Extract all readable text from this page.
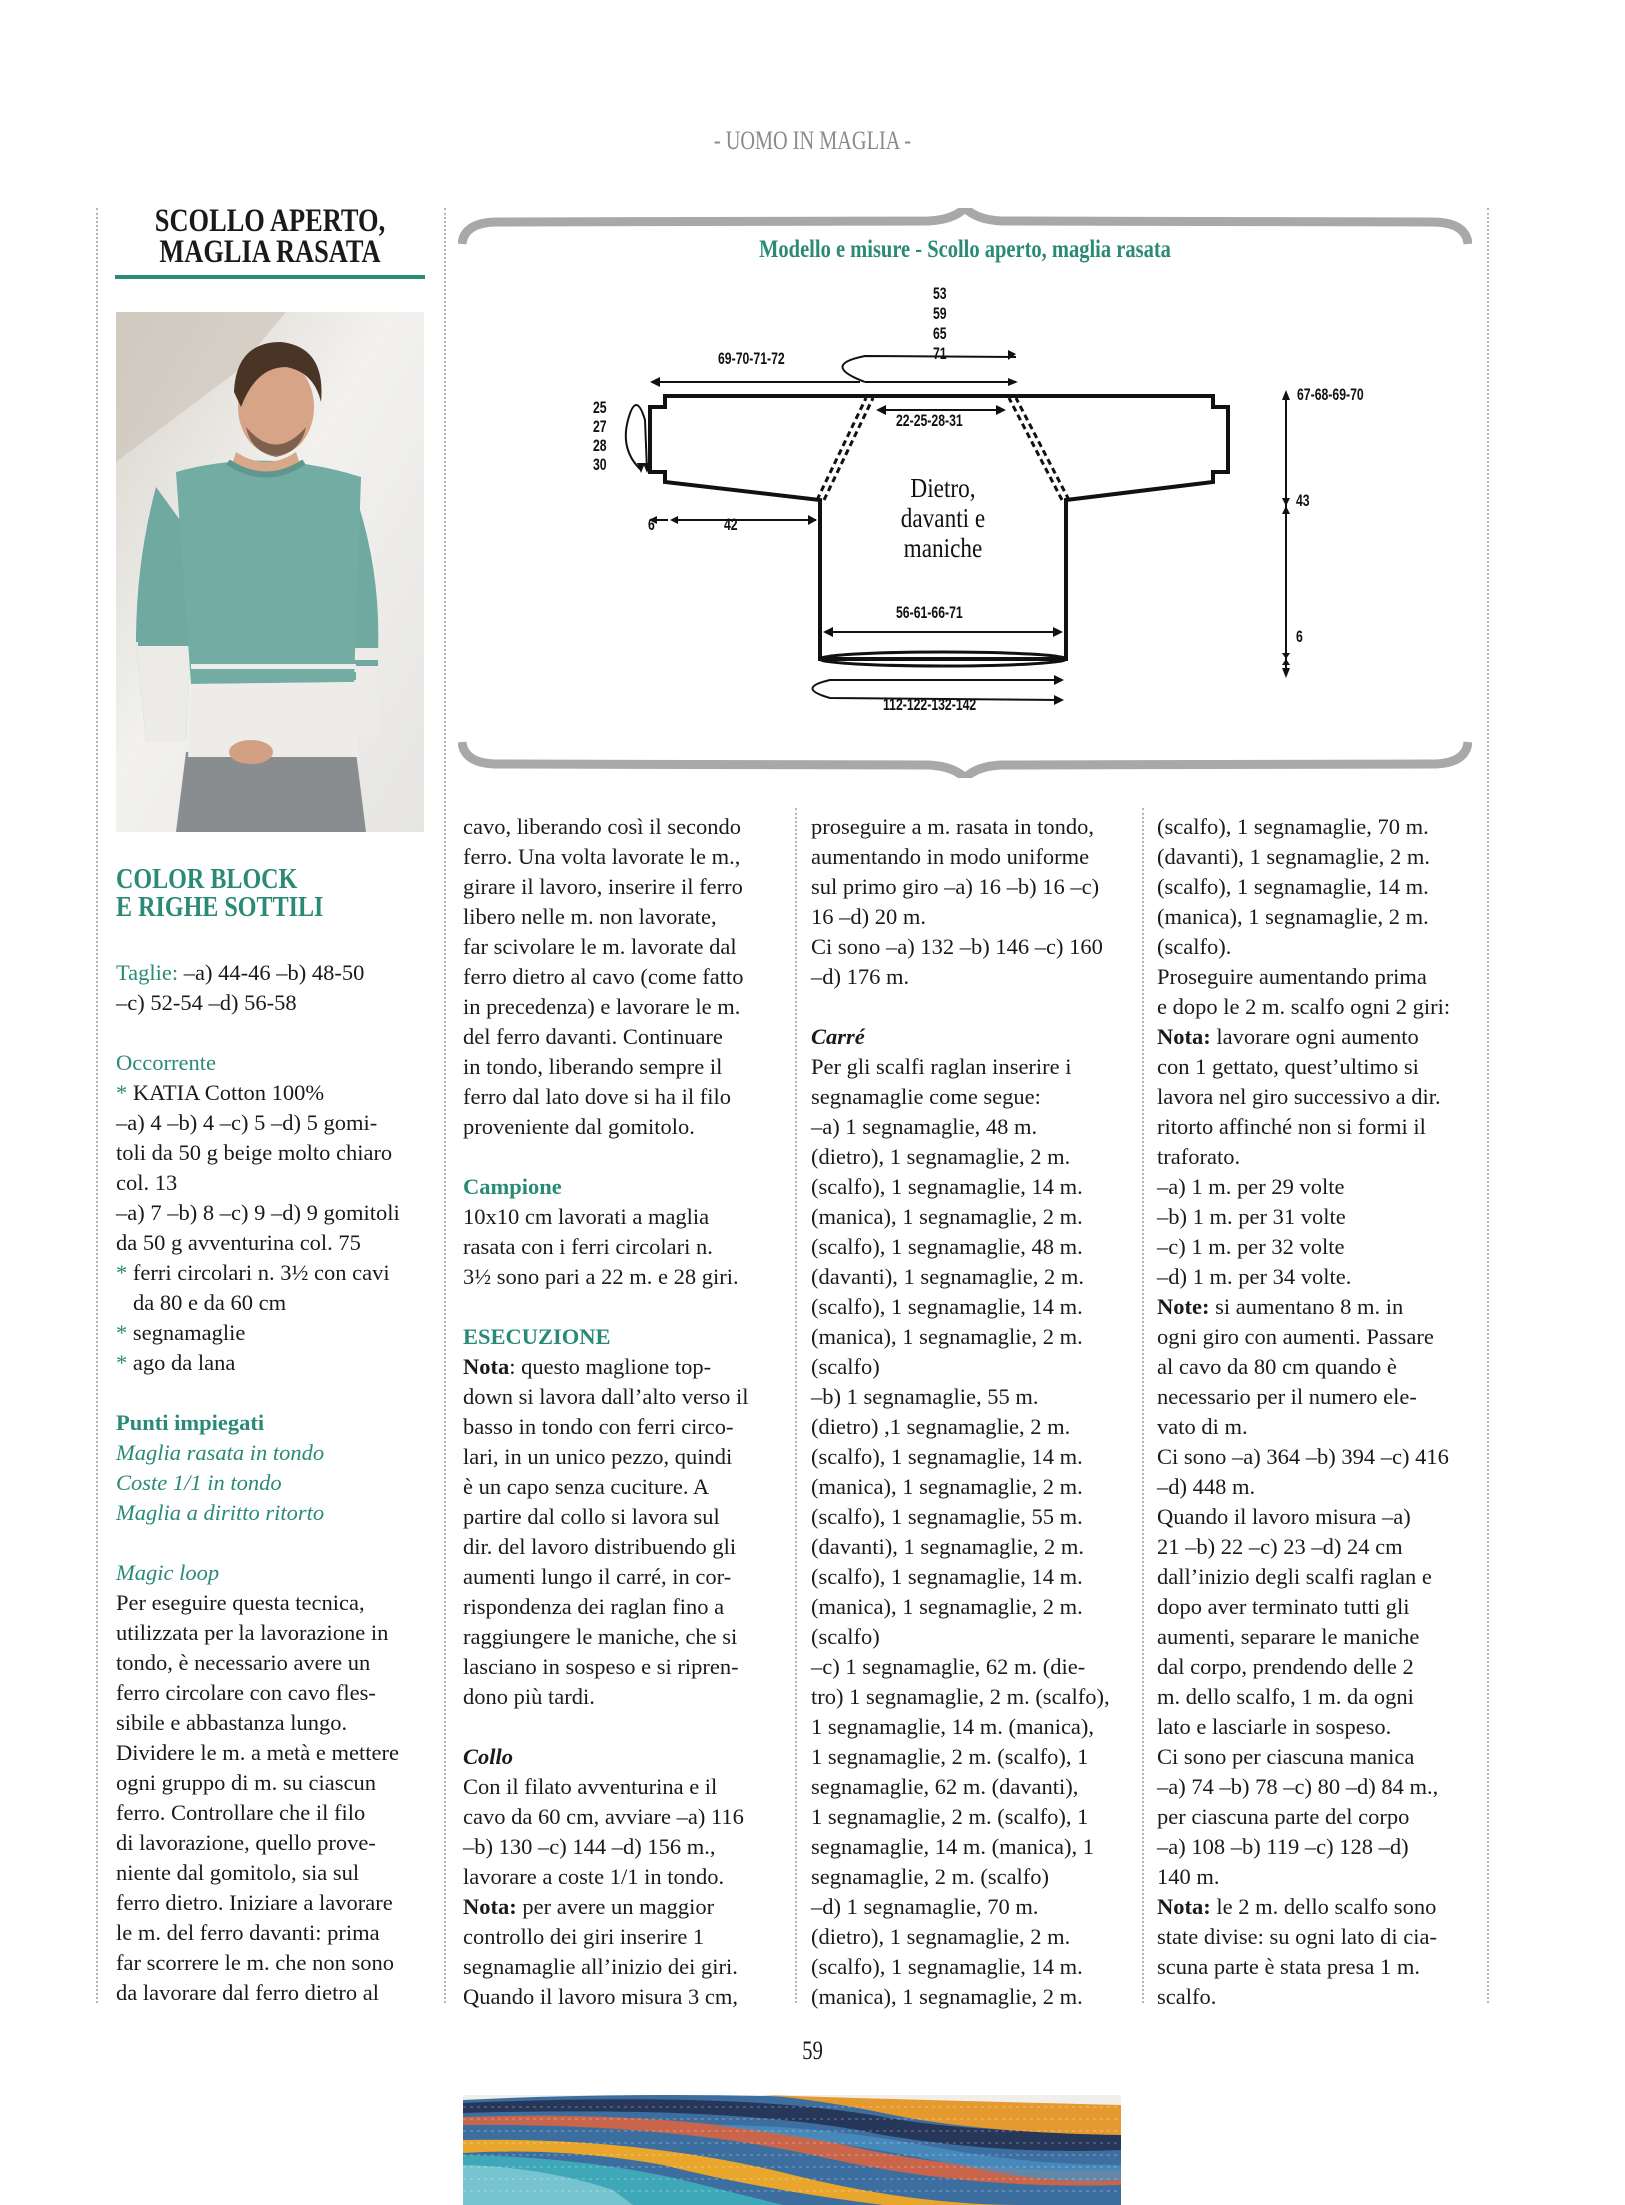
- UOMO IN MAGLIA -
SCOLLO APERTO,
MAGLIA RASATA	Modello e misure - Scollo aperto, maglia rasata
53
59
65
71
69-70-71-72
22-25-28-31
67-68-69-70
25
27
28
30
43
6
6	42
Dietro,
davanti e
maniche
56-61-66-71
112-122-132-142
COLOR BLOCK
E RIGHE SOTTILI

Taglie: –a) 44-46 –b) 48-50

–c) 52-54 –d) 56-58

Occorrente

* KATIA Cotton 100%

–a) 4 –b) 4 –c) 5 –d) 5 gomi-

toli da 50 g beige molto chiaro

col. 13

–a) 7 –b) 8 –c) 9 –d) 9 gomitoli

da 50 g avventurina col. 75

* ferri circolari n. 3½ con cavi

da 80 e da 60 cm

* segnamaglie

* ago da lana

Punti impiegati

Maglia rasata in tondo

Coste 1/1 in tondo

Maglia a diritto ritorto

Magic loop

Per eseguire questa tecnica,

utilizzata per la lavorazione in

tondo, è necessario avere un

ferro circolare con cavo fles-

sibile e abbastanza lungo.

Dividere le m. a metà e mettere

ogni gruppo di m. su ciascun

ferro. Controllare che il filo

di lavorazione, quello prove-

niente dal gomitolo, sia sul

ferro dietro. Iniziare a lavorare

le m. del ferro davanti: prima

far scorrere le m. che non sono

da lavorare dal ferro dietro al

cavo, liberando così il secondo

ferro. Una volta lavorate le m.,

girare il lavoro, inserire il ferro

libero nelle m. non lavorate,

far scivolare le m. lavorate dal

ferro dietro al cavo (come fatto

in precedenza) e lavorare le m.

del ferro davanti. Continuare

in tondo, liberando sempre il

ferro dal lato dove si ha il filo

proveniente dal gomitolo.

Campione

10x10 cm lavorati a maglia

rasata con i ferri circolari n.

3½ sono pari a 22 m. e 28 giri.

ESECUZIONE

Nota: questo maglione top-

down si lavora dall’alto verso il

basso in tondo con ferri circo-

lari, in un unico pezzo, quindi

è un capo senza cuciture. A

partire dal collo si lavora sul

dir. del lavoro distribuendo gli

aumenti lungo il carré, in cor-

rispondenza dei raglan fino a

raggiungere le maniche, che si

lasciano in sospeso e si ripren-

dono più tardi.

Collo

Con il filato avventurina e il

cavo da 60 cm, avviare –a) 116

–b) 130 –c) 144 –d) 156 m.,

lavorare a coste 1/1 in tondo.

Nota: per avere un maggior

controllo dei giri inserire 1

segnamaglie all’inizio dei giri.

Quando il lavoro misura 3 cm,

proseguire a m. rasata in tondo,

aumentando in modo uniforme

sul primo giro –a) 16 –b) 16 –c)

16 –d) 20 m.

Ci sono –a) 132 –b) 146 –c) 160

–d) 176 m.

Carré

Per gli scalfi raglan inserire i

segnamaglie come segue:

–a) 1 segnamaglie, 48 m.

(dietro), 1 segnamaglie, 2 m.

(scalfo), 1 segnamaglie, 14 m.

(manica), 1 segnamaglie, 2 m.

(scalfo), 1 segnamaglie, 48 m.

(davanti), 1 segnamaglie, 2 m.

(scalfo), 1 segnamaglie, 14 m.

(manica), 1 segnamaglie, 2 m.

(scalfo)

–b) 1 segnamaglie, 55 m.

(dietro) ,1 segnamaglie, 2 m.

(scalfo), 1 segnamaglie, 14 m.

(manica), 1 segnamaglie, 2 m.

(scalfo), 1 segnamaglie, 55 m.

(davanti), 1 segnamaglie, 2 m.

(scalfo), 1 segnamaglie, 14 m.

(manica), 1 segnamaglie, 2 m.

(scalfo)

–c) 1 segnamaglie, 62 m. (die-

tro) 1 segnamaglie, 2 m. (scalfo),

1 segnamaglie, 14 m. (manica),

1 segnamaglie, 2 m. (scalfo), 1

segnamaglie, 62 m. (davanti),

1 segnamaglie, 2 m. (scalfo), 1

segnamaglie, 14 m. (manica), 1

segnamaglie, 2 m. (scalfo)

–d) 1 segnamaglie, 70 m.

(dietro), 1 segnamaglie, 2 m.

(scalfo), 1 segnamaglie, 14 m.

(manica), 1 segnamaglie, 2 m.

(scalfo), 1 segnamaglie, 70 m.

(davanti), 1 segnamaglie, 2 m.

(scalfo), 1 segnamaglie, 14 m.

(manica), 1 segnamaglie, 2 m.

(scalfo).

Proseguire aumentando prima

e dopo le 2 m. scalfo ogni 2 giri:

Nota: lavorare ogni aumento

con 1 gettato, quest’ultimo si

lavora nel giro successivo a dir.

ritorto affinché non si formi il

traforato.

–a) 1 m. per 29 volte

–b) 1 m. per 31 volte

–c) 1 m. per 32 volte

–d) 1 m. per 34 volte.

Note: si aumentano 8 m. in

ogni giro con aumenti. Passare

al cavo da 80 cm quando è

necessario per il numero ele-

vato di m.

Ci sono –a) 364 –b) 394 –c) 416

–d) 448 m.

Quando il lavoro misura –a)

21 –b) 22 –c) 23 –d) 24 cm

dall’inizio degli scalfi raglan e

dopo aver terminato tutti gli

aumenti, separare le maniche

dal corpo, prendendo delle 2

m. dello scalfo, 1 m. da ogni

lato e lasciarle in sospeso.

Ci sono per ciascuna manica

–a) 74 –b) 78 –c) 80 –d) 84 m.,

per ciascuna parte del corpo

–a) 108 –b) 119 –c) 128 –d)

140 m.

Nota: le 2 m. dello scalfo sono

state divise: su ogni lato di cia-

scuna parte è stata presa 1 m.

scalfo.

59
